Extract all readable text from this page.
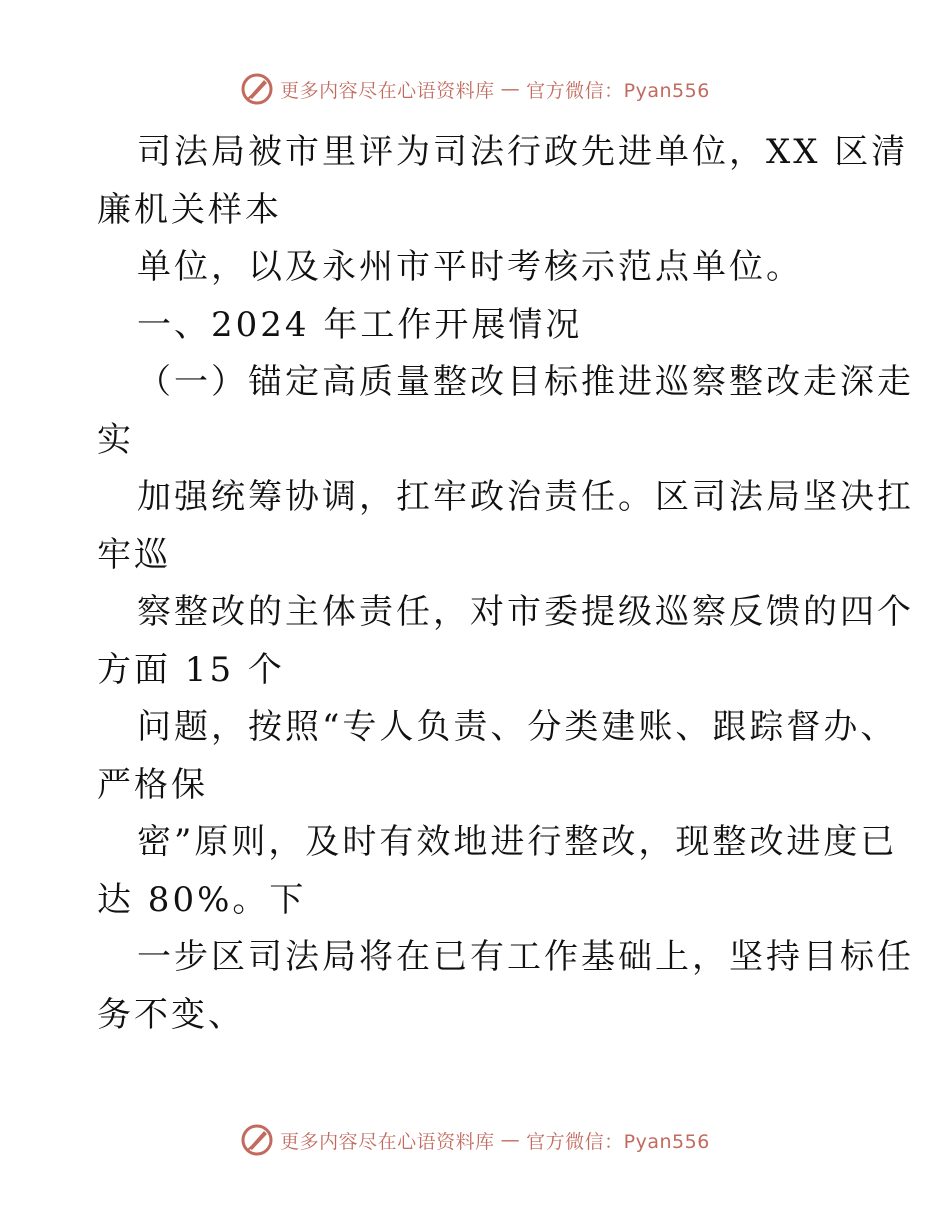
更多内容尽在心语资料库 — 官方微信：Pyan556
司法局被市里评为司法行政先进单位，XX 区清
廉机关样本
单位，以及永州市平时考核示范点单位。
一、2024 年工作开展情况
（一）锚定高质量整改目标推进巡察整改走深走
实
加强统筹协调，扛牢政治责任。区司法局坚决扛
牢巡
察整改的主体责任，对市委提级巡察反馈的四个
方面 15 个
问题，按照“专人负责、分类建账、跟踪督办、
严格保
密”原则，及时有效地进行整改，现整改进度已
达 80%。下
一步区司法局将在已有工作基础上，坚持目标任
务不变、
更多内容尽在心语资料库 — 官方微信：Pyan556
